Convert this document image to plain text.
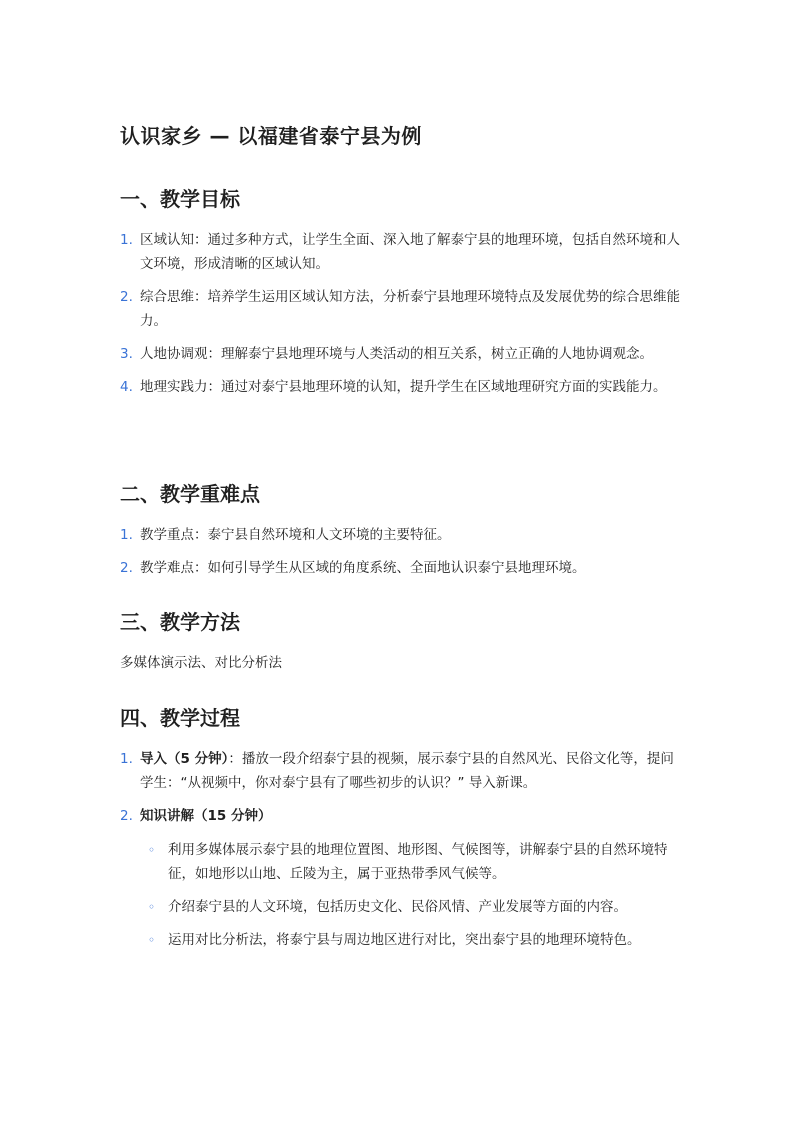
认识家乡 — 以福建省泰宁县为例
一、教学目标
1. 区域认知：通过多种方式，让学生全面、深入地了解泰宁县的地理环境，包括自然环境和人文环境，形成清晰的区域认知。
2. 综合思维：培养学生运用区域认知方法，分析泰宁县地理环境特点及发展优势的综合思维能力。
3. 人地协调观：理解泰宁县地理环境与人类活动的相互关系，树立正确的人地协调观念。
4. 地理实践力：通过对泰宁县地理环境的认知，提升学生在区域地理研究方面的实践能力。
二、教学重难点
1. 教学重点：泰宁县自然环境和人文环境的主要特征。
2. 教学难点：如何引导学生从区域的角度系统、全面地认识泰宁县地理环境。
三、教学方法
多媒体演示法、对比分析法
四、教学过程
1. 导入（5 分钟）：播放一段介绍泰宁县的视频，展示泰宁县的自然风光、民俗文化等，提问学生：“从视频中，你对泰宁县有了哪些初步的认识？” 导入新课。
2. 知识讲解（15 分钟）
◦ 利用多媒体展示泰宁县的地理位置图、地形图、气候图等，讲解泰宁县的自然环境特征，如地形以山地、丘陵为主，属于亚热带季风气候等。
◦ 介绍泰宁县的人文环境，包括历史文化、民俗风情、产业发展等方面的内容。
◦ 运用对比分析法，将泰宁县与周边地区进行对比，突出泰宁县的地理环境特色。
